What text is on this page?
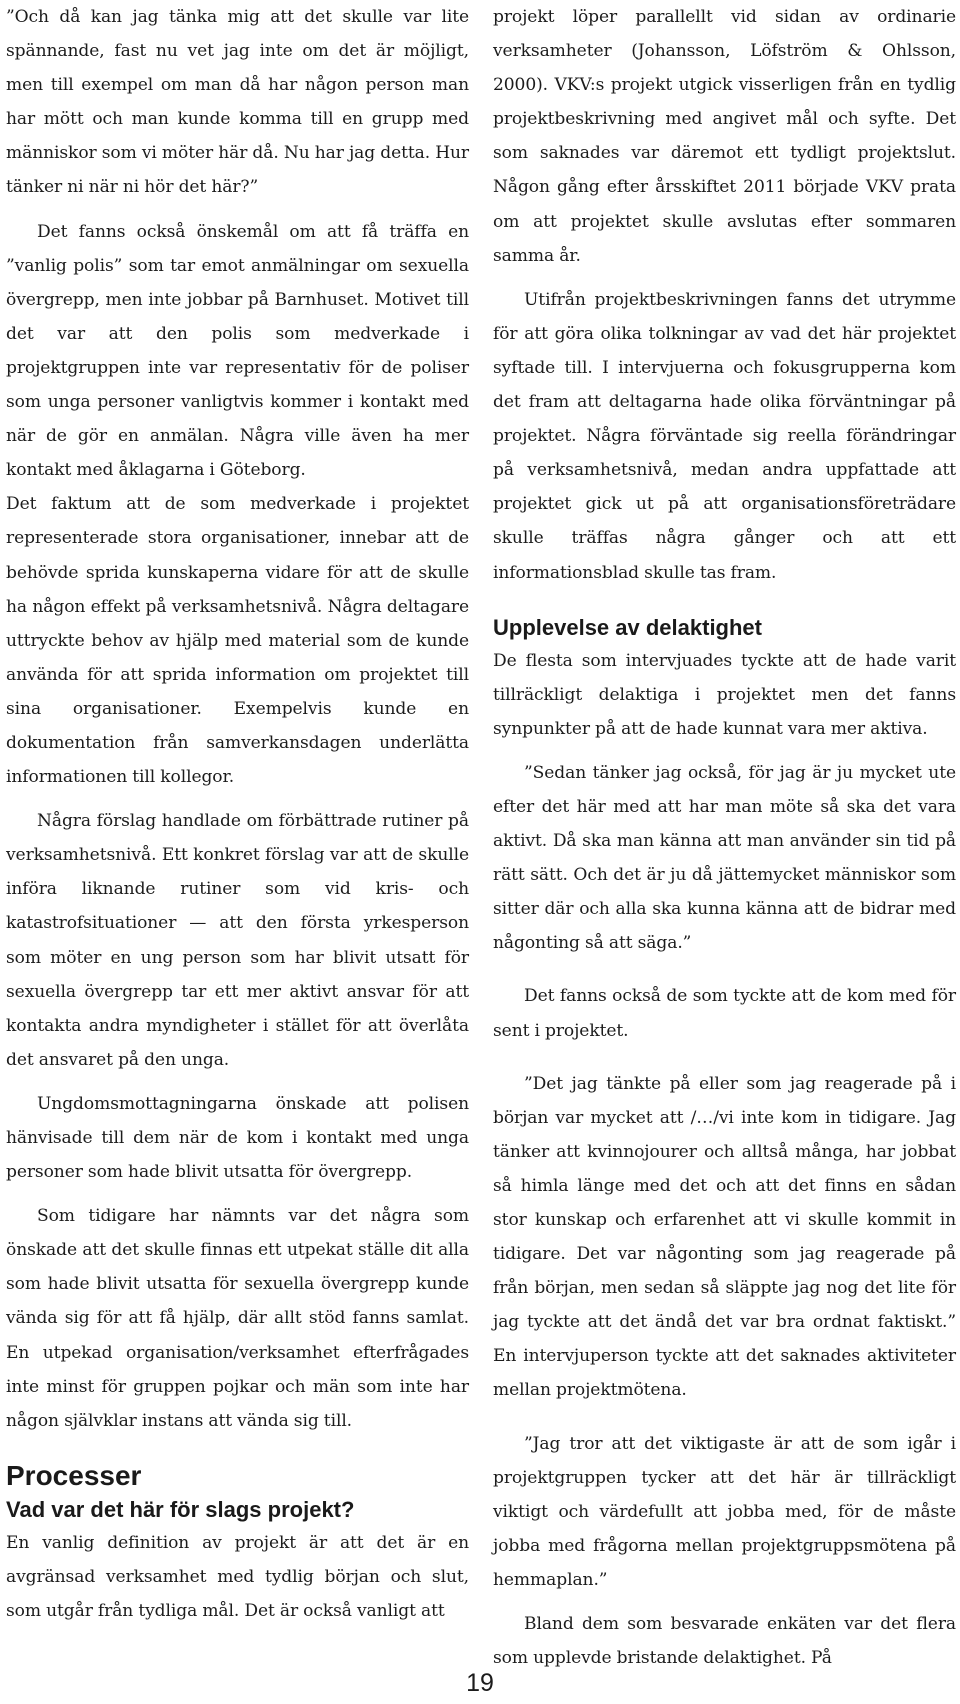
”Och då kan jag tänka mig att det skulle var lite spännande, fast nu vet jag inte om det är möjligt, men till exempel om man då har någon person man har mött och man kunde komma till en grupp med människor som vi möter här då. Nu har jag detta. Hur tänker ni när ni hör det här?”

Det fanns också önskemål om att få träffa en ”vanlig polis” som tar emot anmälningar om sexuella övergrepp, men inte jobbar på Barnhuset. Motivet till det var att den polis som medverkade i projektgruppen inte var representativ för de poliser som unga personer vanligtvis kommer i kontakt med när de gör en anmälan. Några ville även ha mer kontakt med åklagarna i Göteborg.

Det faktum att de som medverkade i projektet representerade stora organisationer, innebar att de behövde sprida kunskaperna vidare för att de skulle ha någon effekt på verksamhetsnivå. Några deltagare uttryckte behov av hjälp med material som de kunde använda för att sprida information om projektet till sina organisationer. Exempelvis kunde en dokumentation från samverkansdagen underlätta informationen till kollegor.

Några förslag handlade om förbättrade rutiner på verksamhetsnivå. Ett konkret förslag var att de skulle införa liknande rutiner som vid kris- och katastrofsituationer — att den första yrkesperson som möter en ung person som har blivit utsatt för sexuella övergrepp tar ett mer aktivt ansvar för att kontakta andra myndigheter i stället för att överlåta det ansvaret på den unga.

Ungdomsmottagningarna önskade att polisen hänvisade till dem när de kom i kontakt med unga personer som hade blivit utsatta för övergrepp.

Som tidigare har nämnts var det några som önskade att det skulle finnas ett utpekat ställe dit alla som hade blivit utsatta för sexuella övergrepp kunde vända sig för att få hjälp, där allt stöd fanns samlat. En utpekad organisation/verksamhet efterfrågades inte minst för gruppen pojkar och män som inte har någon självklar instans att vända sig till.

Processer
Vad var det här för slags projekt?

En vanlig definition av projekt är att det är en avgränsad verksamhet med tydlig början och slut, som utgår från tydliga mål. Det är också vanligt att

projekt löper parallellt vid sidan av ordinarie verksamheter (Johansson, Löfström & Ohlsson, 2000). VKV:s projekt utgick visserligen från en tydlig projektbeskrivning med angivet mål och syfte. Det som saknades var däremot ett tydligt projektslut. Någon gång efter årsskiftet 2011 började VKV prata om att projektet skulle avslutas efter sommaren samma år.

Utifrån projektbeskrivningen fanns det utrymme för att göra olika tolkningar av vad det här projektet syftade till. I intervjuerna och fokusgrupperna kom det fram att deltagarna hade olika förväntningar på projektet. Några förväntade sig reella förändringar på verksamhetsnivå, medan andra uppfattade att projektet gick ut på att organisationsföreträdare skulle träffas några gånger och att ett informationsblad skulle tas fram.

Upplevelse av delaktighet

De flesta som intervjuades tyckte att de hade varit tillräckligt delaktiga i projektet men det fanns synpunkter på att de hade kunnat vara mer aktiva.

”Sedan tänker jag också, för jag är ju mycket ute efter det här med att har man möte så ska det vara aktivt. Då ska man känna att man använder sin tid på rätt sätt. Och det är ju då jättemycket människor som sitter där och alla ska kunna känna att de bidrar med någonting så att säga.”

Det fanns också de som tyckte att de kom med för sent i projektet.

”Det jag tänkte på eller som jag reagerade på i början var mycket att /…/vi inte kom in tidigare. Jag tänker att kvinnojourer och alltså många, har jobbat så himla länge med det och att det finns en sådan stor kunskap och erfarenhet att vi skulle kommit in tidigare. Det var någonting som jag reagerade på från början, men sedan så släppte jag nog det lite för jag tyckte att det ändå det var bra ordnat faktiskt.” En intervjuperson tyckte att det saknades aktiviteter mellan projektmötena.

”Jag tror att det viktigaste är att de som igår i projektgruppen tycker att det här är tillräckligt viktigt och värdefullt att jobba med, för de måste jobba med frågorna mellan projektgruppsmötena på hemmaplan.”

Bland dem som besvarade enkäten var det flera som upplevde bristande delaktighet. På

19
